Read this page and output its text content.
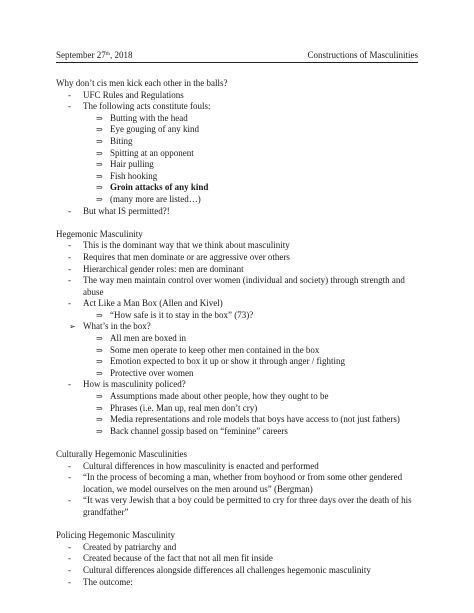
September 27th, 2018	Constructions of Masculinities
Why don’t cis men kick each other in the balls?
- UFC Rules and Regulations
- The following acts constitute fouls:
⇒ Butting with the head
⇒ Eye gouging of any kind
⇒ Biting
⇒ Spitting at an opponent
⇒ Hair pulling
⇒ Fish hooking
⇒ Groin attacks of any kind
⇒ (many more are listed…)
- But what IS permitted?!
Hegemonic Masculinity
- This is the dominant way that we think about masculinity
- Requires that men dominate or are aggressive over others
- Hierarchical gender roles: men are dominant
- The way men maintain control over women (individual and society) through strength and abuse
- Act Like a Man Box (Allen and Kivel)
⇒ “How safe is it to stay in the box” (73)?
➢ What’s in the box?
⇒ All men are boxed in
⇒ Some men operate to keep other men contained in the box
⇒ Emotion expected to box it up or show it through anger / fighting
⇒ Protective over women
- How is masculinity policed?
⇒ Assumptions made about other people, how they ought to be
⇒ Phrases (i.e. Man up, real men don’t cry)
⇒ Media representations and role models that boys have access to (not just fathers)
⇒ Back channel gossip based on “feminine” careers
Culturally Hegemonic Masculinities
- Cultural differences in how masculinity is enacted and performed
- “In the process of becoming a man, whether from boyhood or from some other gendered location, we model ourselves on the men around us” (Bergman)
- “It was very Jewish that a boy could be permitted to cry for three days over the death of his grandfather”
Policing Hegemonic Masculinity
- Created by patriarchy and
- Created because of the fact that not all men fit inside
- Cultural differences alongside differences all challenges hegemonic masculinity
- The outcome:
